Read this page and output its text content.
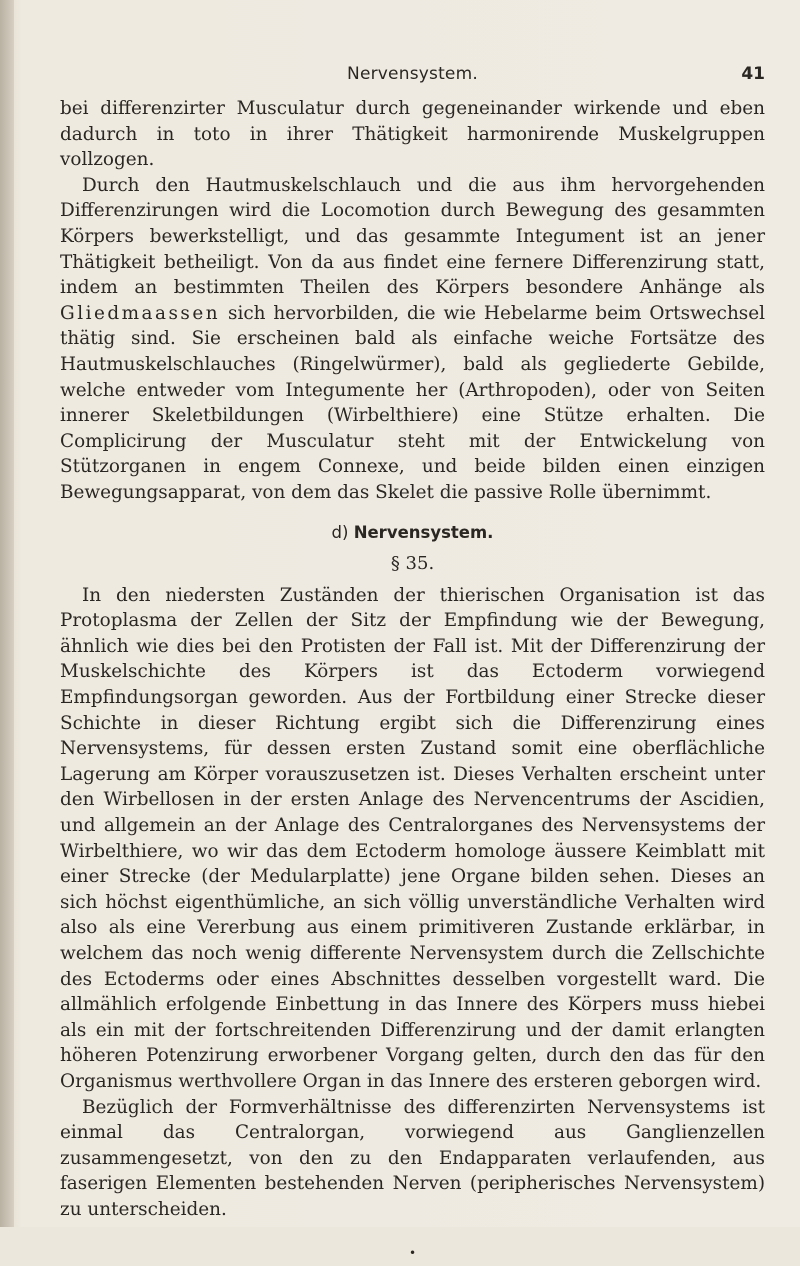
Nervensystem.	41

bei differenzirter Musculatur durch gegeneinander wirkende und eben dadurch in toto in ihrer Thätigkeit harmonirende Muskelgruppen vollzogen.

Durch den Hautmuskelschlauch und die aus ihm hervorgehenden Differenzirungen wird die Locomotion durch Bewegung des gesammten Körpers bewerkstelligt, und das gesammte Integument ist an jener Thätigkeit betheiligt. Von da aus findet eine fernere Differenzirung statt, indem an bestimmten Theilen des Körpers besondere Anhänge als Gliedmaassen sich hervorbilden, die wie Hebelarme beim Ortswechsel thätig sind. Sie erscheinen bald als einfache weiche Fortsätze des Hautmuskelschlauches (Ringelwürmer), bald als gegliederte Gebilde, welche entweder vom Integumente her (Arthropoden), oder von Seiten innerer Skeletbildungen (Wirbelthiere) eine Stütze erhalten. Die Complicirung der Musculatur steht mit der Entwickelung von Stützorganen in engem Connexe, und beide bilden einen einzigen Bewegungsapparat, von dem das Skelet die passive Rolle übernimmt.

d) Nervensystem.
§ 35.

In den niedersten Zuständen der thierischen Organisation ist das Protoplasma der Zellen der Sitz der Empfindung wie der Bewegung, ähnlich wie dies bei den Protisten der Fall ist. Mit der Differenzirung der Muskelschichte des Körpers ist das Ectoderm vorwiegend Empfindungsorgan geworden. Aus der Fortbildung einer Strecke dieser Schichte in dieser Richtung ergibt sich die Differenzirung eines Nervensystems, für dessen ersten Zustand somit eine oberflächliche Lagerung am Körper vorauszusetzen ist. Dieses Verhalten erscheint unter den Wirbellosen in der ersten Anlage des Nervencentrums der Ascidien, und allgemein an der Anlage des Centralorganes des Nervensystems der Wirbelthiere, wo wir das dem Ectoderm homologe äussere Keimblatt mit einer Strecke (der Medularplatte) jene Organe bilden sehen. Dieses an sich höchst eigenthümliche, an sich völlig unverständliche Verhalten wird also als eine Vererbung aus einem primitiveren Zustande erklärbar, in welchem das noch wenig differente Nervensystem durch die Zellschichte des Ectoderms oder eines Abschnittes desselben vorgestellt ward. Die allmählich erfolgende Einbettung in das Innere des Körpers muss hiebei als ein mit der fortschreitenden Differenzirung und der damit erlangten höheren Potenzirung erworbener Vorgang gelten, durch den das für den Organismus werthvollere Organ in das Innere des ersteren geborgen wird.

Bezüglich der Formverhältnisse des differenzirten Nervensystems ist einmal das Centralorgan, vorwiegend aus Ganglienzellen zusammengesetzt, von den zu den Endapparaten verlaufenden, aus faserigen Elementen bestehenden Nerven (peripherisches Nervensystem) zu unterscheiden.

•
